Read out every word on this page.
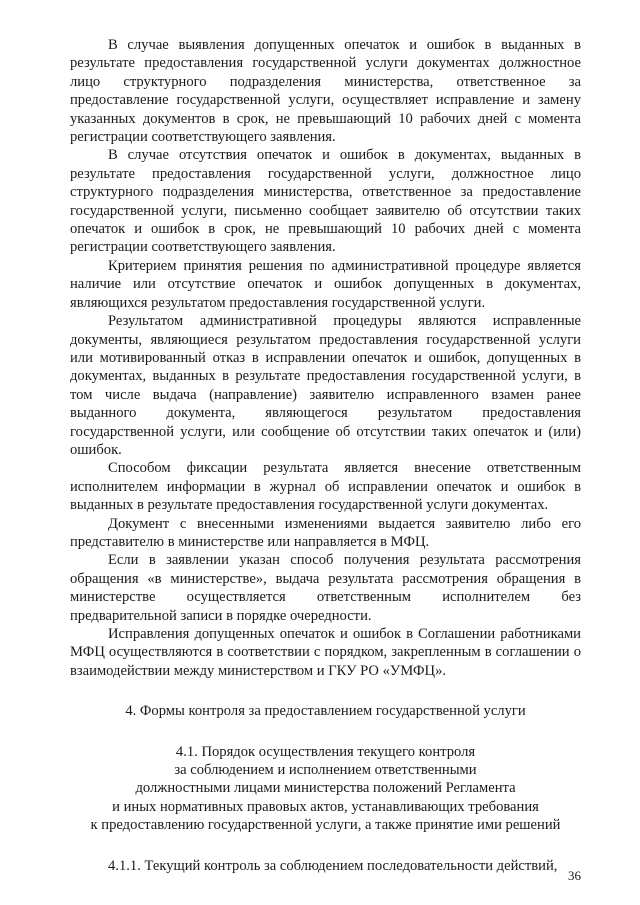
В случае выявления допущенных опечаток и ошибок в выданных в результате предоставления государственной услуги документах должностное лицо структурного подразделения министерства, ответственное за предоставление государственной услуги, осуществляет исправление и замену указанных документов в срок, не превышающий 10 рабочих дней с момента регистрации соответствующего заявления.

В случае отсутствия опечаток и ошибок в документах, выданных в результате предоставления государственной услуги, должностное лицо структурного подразделения министерства, ответственное за предоставление государственной услуги, письменно сообщает заявителю об отсутствии таких опечаток и ошибок в срок, не превышающий 10 рабочих дней с момента регистрации соответствующего заявления.

Критерием принятия решения по административной процедуре является наличие или отсутствие опечаток и ошибок допущенных в документах, являющихся результатом предоставления государственной услуги.

Результатом административной процедуры являются исправленные документы, являющиеся результатом предоставления государственной услуги или мотивированный отказ в исправлении опечаток и ошибок, допущенных в документах, выданных в результате предоставления государственной услуги, в том числе выдача (направление) заявителю исправленного взамен ранее выданного документа, являющегося результатом предоставления государственной услуги, или сообщение об отсутствии таких опечаток и (или) ошибок.

Способом фиксации результата является внесение ответственным исполнителем информации в журнал об исправлении опечаток и ошибок в выданных в результате предоставления государственной услуги документах.

Документ с внесенными изменениями выдается заявителю либо его представителю в министерстве или направляется в МФЦ.

Если в заявлении указан способ получения результата рассмотрения обращения «в министерстве», выдача результата рассмотрения обращения в министерстве осуществляется ответственным исполнителем без предварительной записи в порядке очередности.

Исправления допущенных опечаток и ошибок в Соглашении работниками МФЦ осуществляются в соответствии с порядком, закрепленным в соглашении о взаимодействии между министерством и ГКУ РО «УМФЦ».

4. Формы контроля за предоставлением государственной услуги

4.1. Порядок осуществления текущего контроля
за соблюдением и исполнением ответственными
должностными лицами министерства положений Регламента
и иных нормативных правовых актов, устанавливающих требования
к предоставлению государственной услуги, а также принятие ими решений

4.1.1. Текущий контроль за соблюдением последовательности действий,

36
